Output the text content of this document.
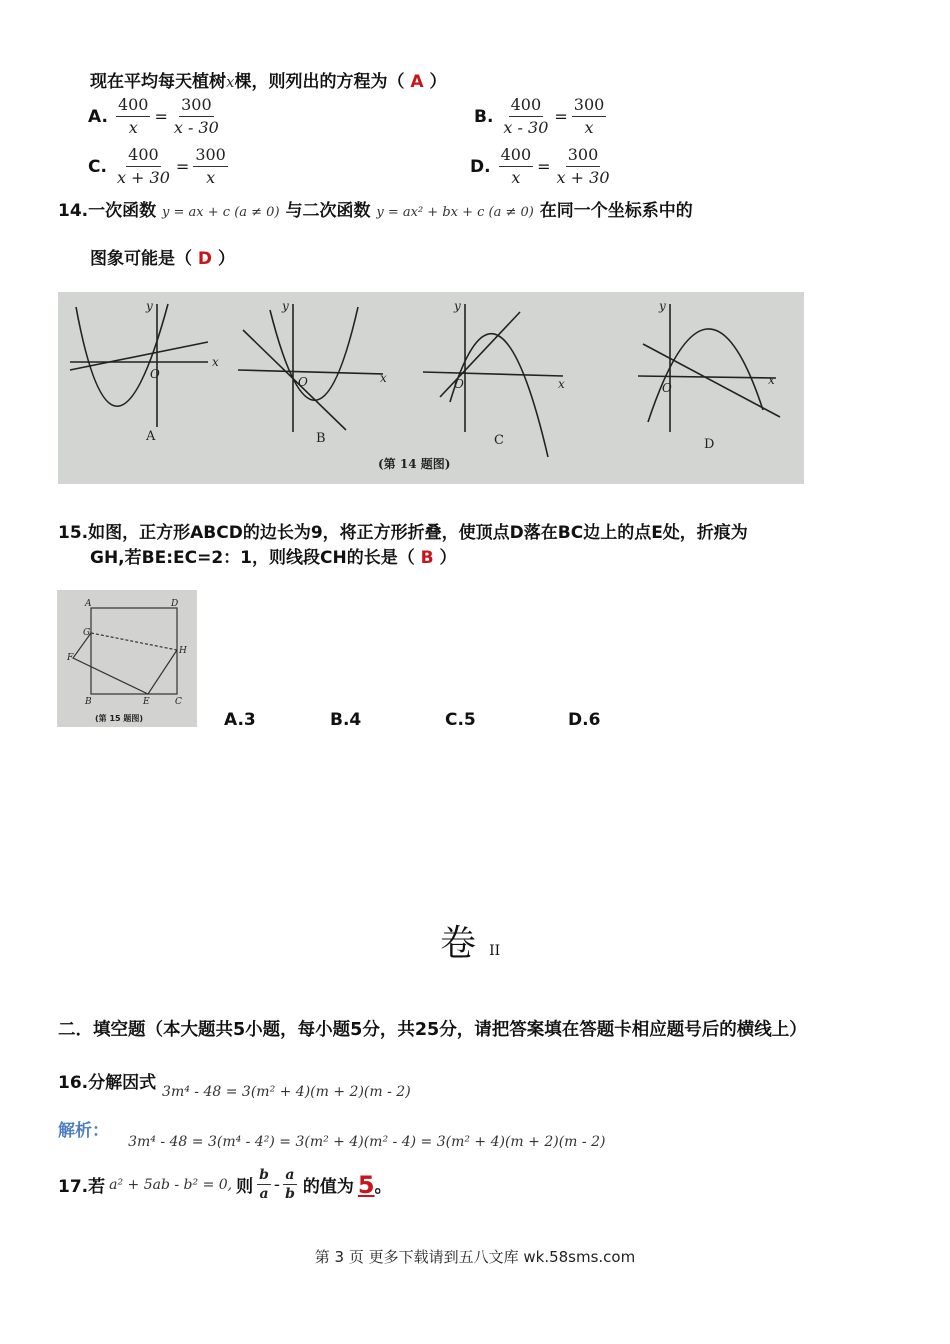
现在平均每天植树x棵，则列出的方程为（ A ）
A. $\frac{400}{x} = \frac{300}{x - 30}$	B. $\frac{400}{x - 30} = \frac{300}{x}$
C. $\frac{400}{x + 30} = \frac{300}{x}$	D. $\frac{400}{x} = \frac{300}{x + 30}$
14.一次函数 y = ax + c (a ≠ 0) 与二次函数 y = ax² + bx + c (a ≠ 0) 在同一个坐标系中的
图象可能是（ D ）
y
x
O
y
x
O
y
x
O
y
x
O
A	B	C	D
(第 14 题图)
15.如图，正方形ABCD的边长为9，将正方形折叠，使顶点D落在BC边上的点E处，折痕为
GH,若BE:EC=2：1，则线段CH的长是（ B ）
A	D
G
H
F
B	E	C
(第 15 题图)	A.3	B.4	C.5	D.6
卷 II
二．填空题（本大题共5小题，每小题5分，共25分，请把答案填在答题卡相应题号后的横线上）
16.分解因式 $_{3m^4 - 48 = 3(m^2 + 4)(m + 2)(m - 2)}$
解析： 3m⁴ - 48 = 3(m⁴ - 4²) = 3(m² + 4)(m² - 4) = 3(m² + 4)(m + 2)(m - 2)
17.若 a² + 5ab - b² = 0, 则 $\frac{b}{a} - \frac{a}{b}$ 的值为 5 。
第 3 页 更多下载请到五八文库 wk.58sms.com
